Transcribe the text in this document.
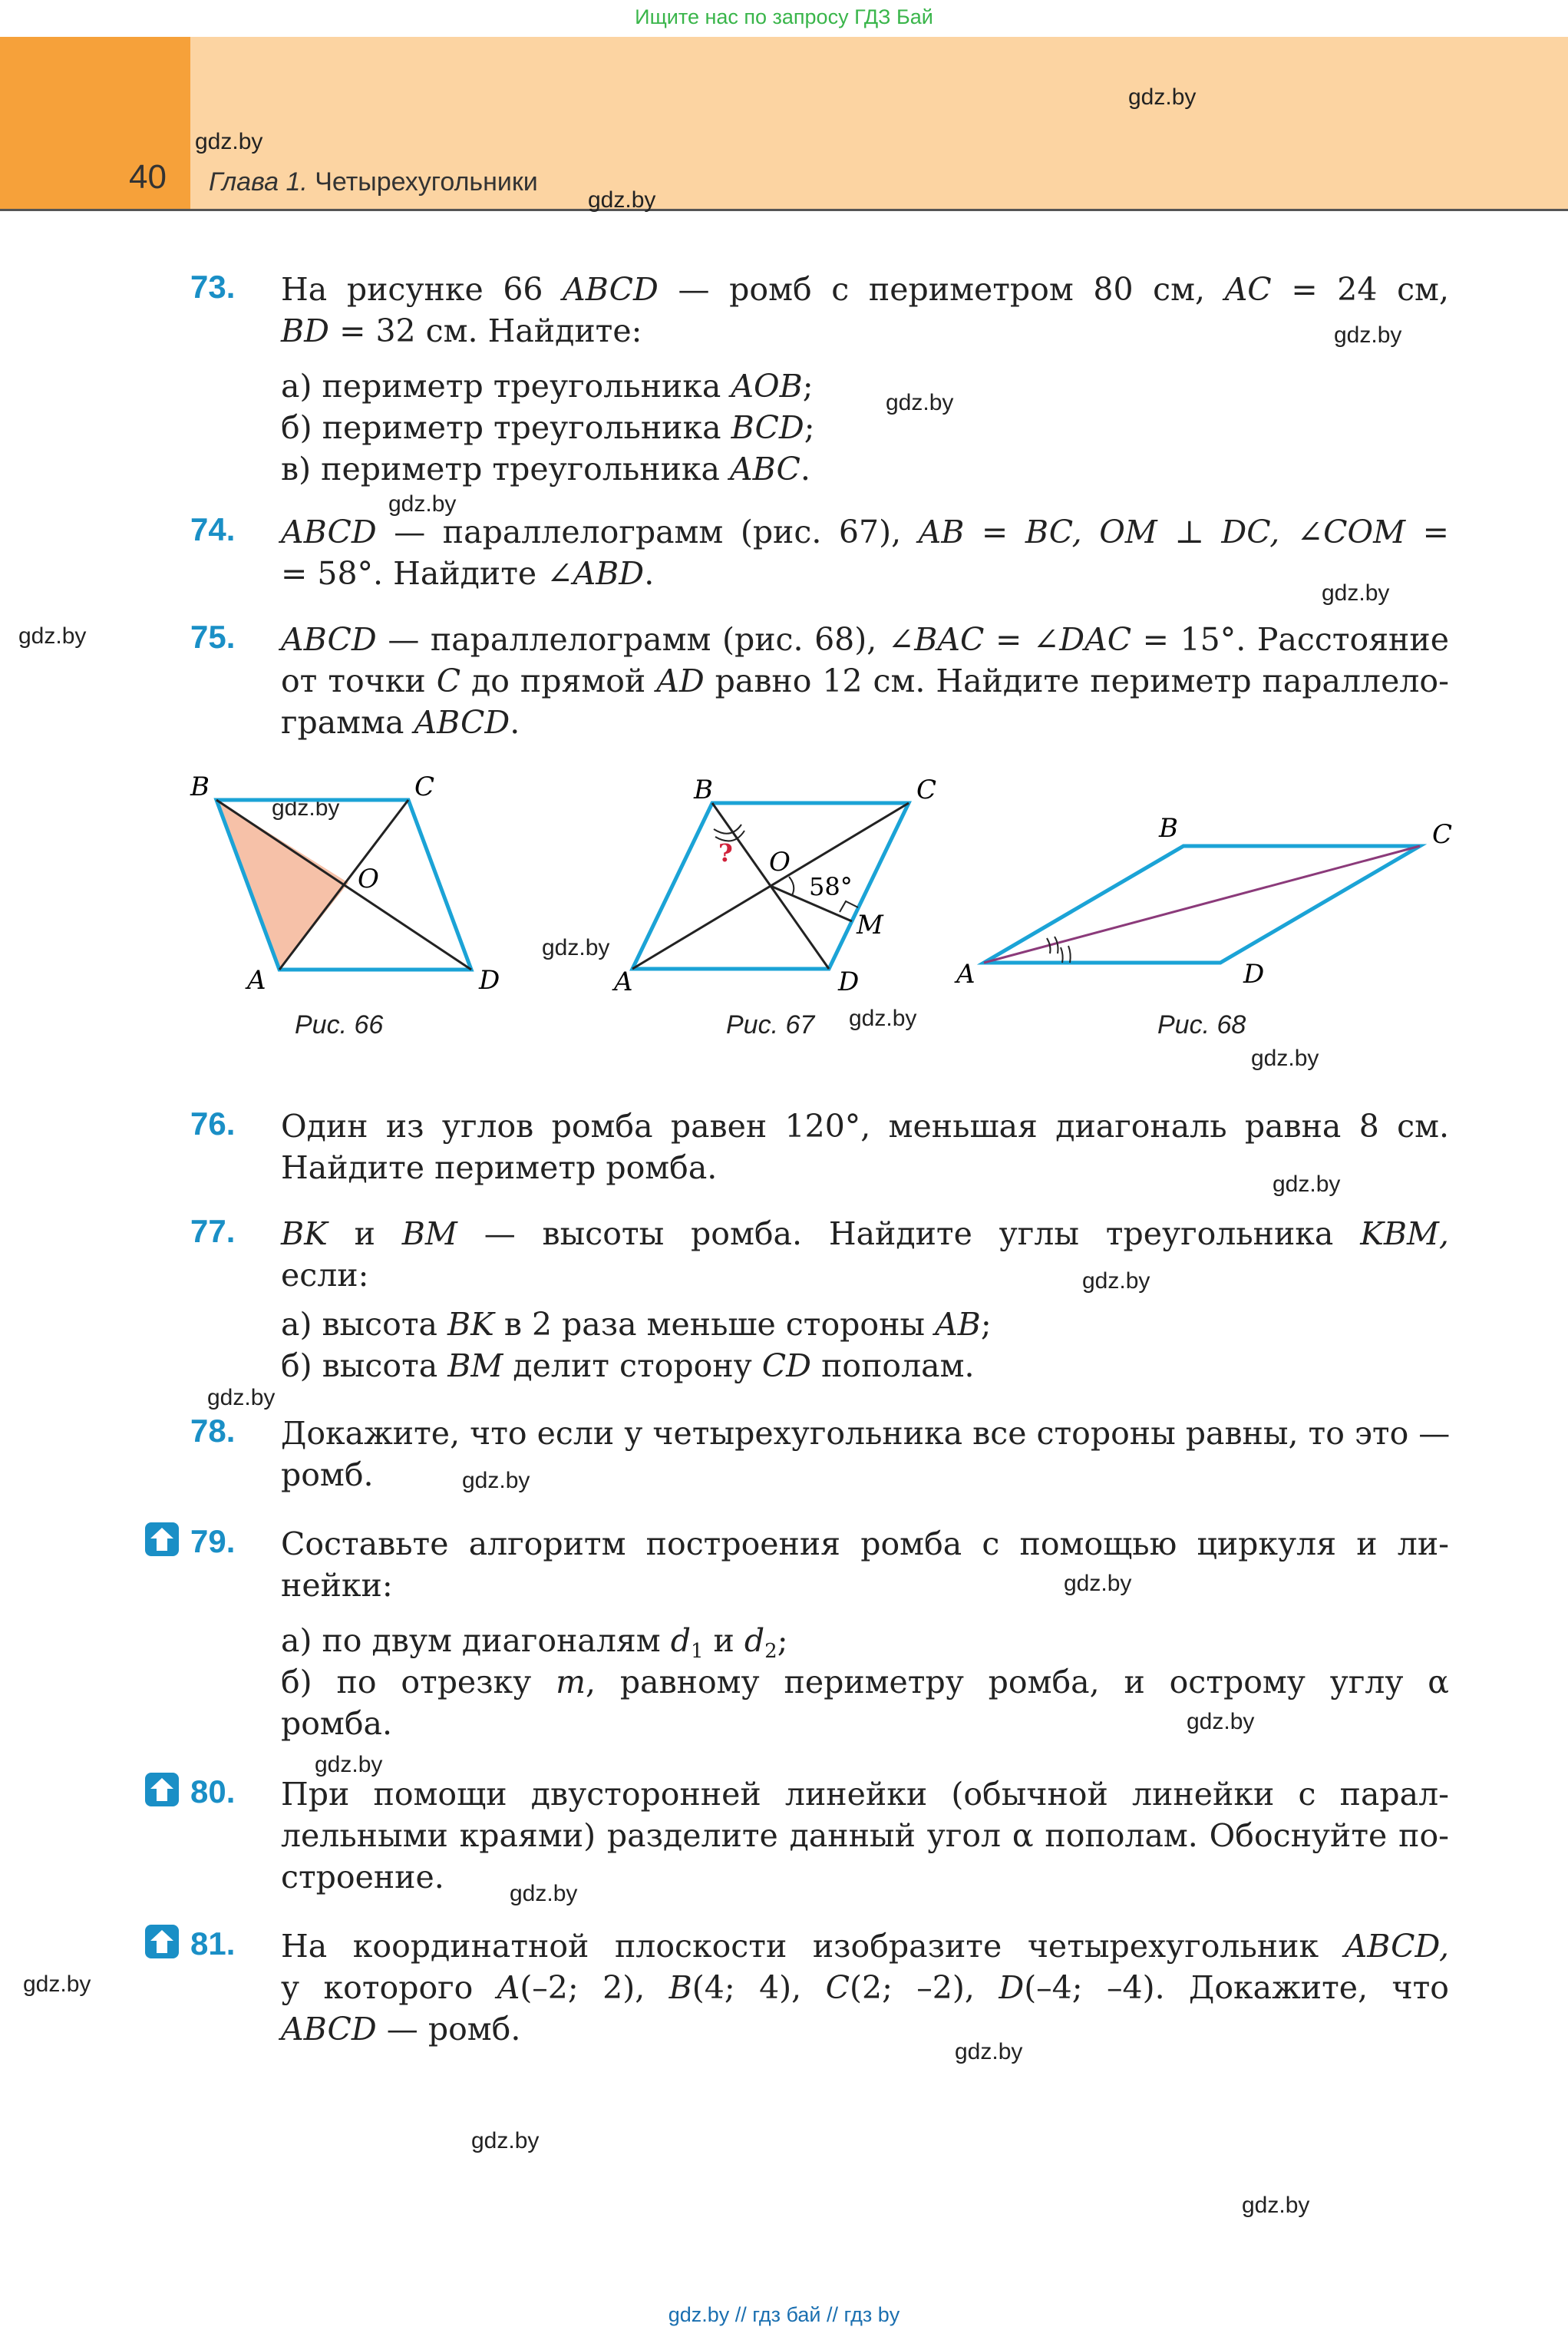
Ищите нас по запросу ГДЗ Бай
40 Глава 1. Четырехугольники
gdz.by
gdz.by
gdz.by
gdz.by
gdz.by
gdz.by
gdz.by
gdz.by
gdz.by
gdz.by
gdz.by
gdz.by
gdz.by
gdz.by
gdz.by
gdz.by
gdz.by
gdz.by
gdz.by
gdz.by
gdz.by
gdz.by
gdz.by
gdz.by
73. На рисунке 66 ABCD — ромб с периметром 80 см, AC = 24 см,
BD = 32 см. Найдите:
а) периметр треугольника AOB;
б) периметр треугольника BCD;
в) периметр треугольника ABC.
74. ABCD — параллелограмм (рис. 67), AB = BC, OM ⊥ DC, ∠COM =
= 58°. Найдите ∠ABD.
75. ABCD — параллелограмм (рис. 68), ∠BAC = ∠DAC = 15°. Расстояние
от точки C до прямой AD равно 12 см. Найдите периметр параллело-
грамма ABCD.
B	C
A	D
O
Рис. 66
B	C
A	D
O
M
58°
?
Рис. 67
B	C
A	D
Рис. 68
76. Один из углов ромба равен 120°, меньшая диагональ равна 8 см.
Найдите периметр ромба.
77. BK и BM — высоты ромба. Найдите углы треугольника KBM,
если:
а) высота BK в 2 раза меньше стороны AB;
б) высота BM делит сторону CD пополам.
78. Докажите, что если у четырехугольника все стороны равны, то это —
ромб.
79. Составьте алгоритм построения ромба с помощью циркуля и ли-
нейки:
а) по двум диагоналям $d_1$ и $d_2$;
б) по отрезку m, равному периметру ромба, и острому углу α
ромба.
80. При помощи двусторонней линейки (обычной линейки с парал-
лельными краями) разделите данный угол α пополам. Обоснуйте по-
строение.
81. На координатной плоскости изобразите четырехугольник ABCD,
у которого A(–2; 2), B(4; 4), C(2; –2), D(–4; –4). Докажите, что
ABCD — ромб.
gdz.by // гдз бай // гдз by
